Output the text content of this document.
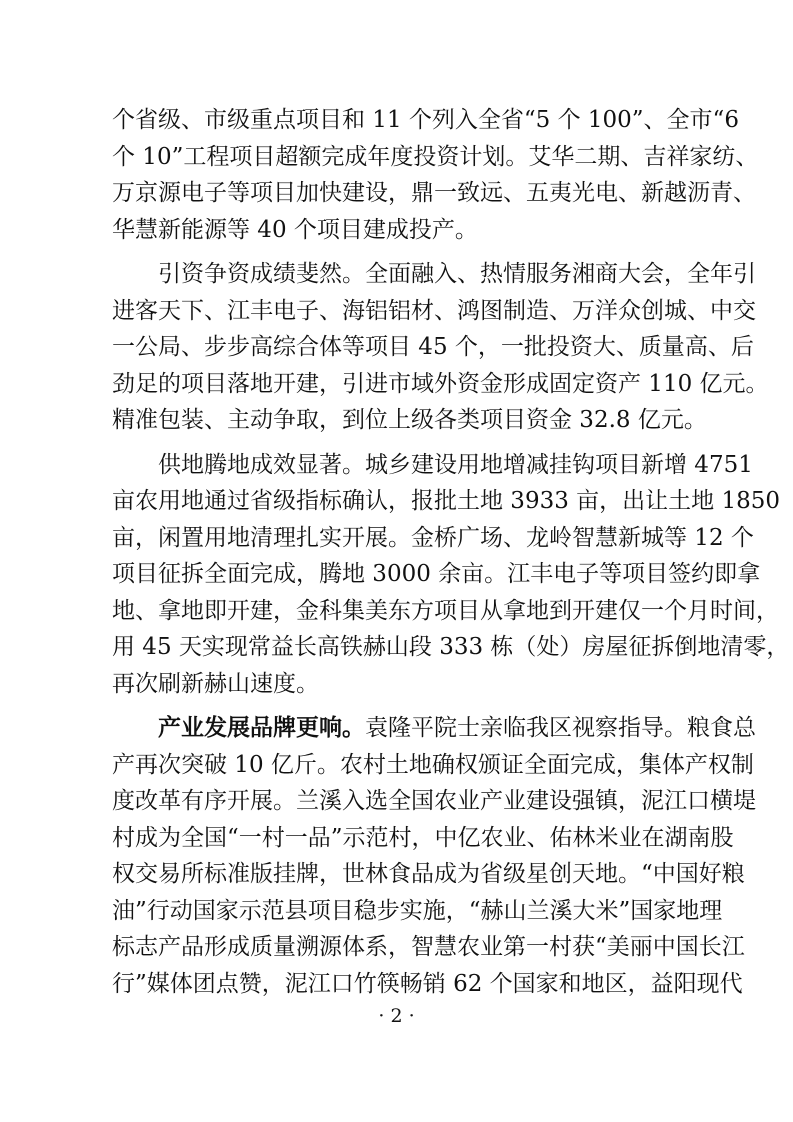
个省级、市级重点项目和 11 个列入全省“5 个 100”、全市“6
个 10”工程项目超额完成年度投资计划。艾华二期、吉祥家纺、
万京源电子等项目加快建设，鼎一致远、五夷光电、新越沥青、
华慧新能源等 40 个项目建成投产。
引资争资成绩斐然。全面融入、热情服务湘商大会，全年引
进客天下、江丰电子、海铝铝材、鸿图制造、万洋众创城、中交
一公局、步步高综合体等项目 45 个，一批投资大、质量高、后
劲足的项目落地开建，引进市域外资金形成固定资产 110 亿元。
精准包装、主动争取，到位上级各类项目资金 32.8 亿元。
供地腾地成效显著。城乡建设用地增减挂钩项目新增 4751
亩农用地通过省级指标确认，报批土地 3933 亩，出让土地 1850
亩，闲置用地清理扎实开展。金桥广场、龙岭智慧新城等 12 个
项目征拆全面完成，腾地 3000 余亩。江丰电子等项目签约即拿
地、拿地即开建，金科集美东方项目从拿地到开建仅一个月时间，
用 45 天实现常益长高铁赫山段 333 栋（处）房屋征拆倒地清零，
再次刷新赫山速度。
产业发展品牌更响。袁隆平院士亲临我区视察指导。粮食总
产再次突破 10 亿斤。农村土地确权颁证全面完成，集体产权制
度改革有序开展。兰溪入选全国农业产业建设强镇，泥江口横堤
村成为全国“一村一品”示范村，中亿农业、佑林米业在湖南股
权交易所标准版挂牌，世林食品成为省级星创天地。“中国好粮
油”行动国家示范县项目稳步实施，“赫山兰溪大米”国家地理
标志产品形成质量溯源体系，智慧农业第一村获“美丽中国长江
行”媒体团点赞，泥江口竹筷畅销 62 个国家和地区，益阳现代
· 2 ·
